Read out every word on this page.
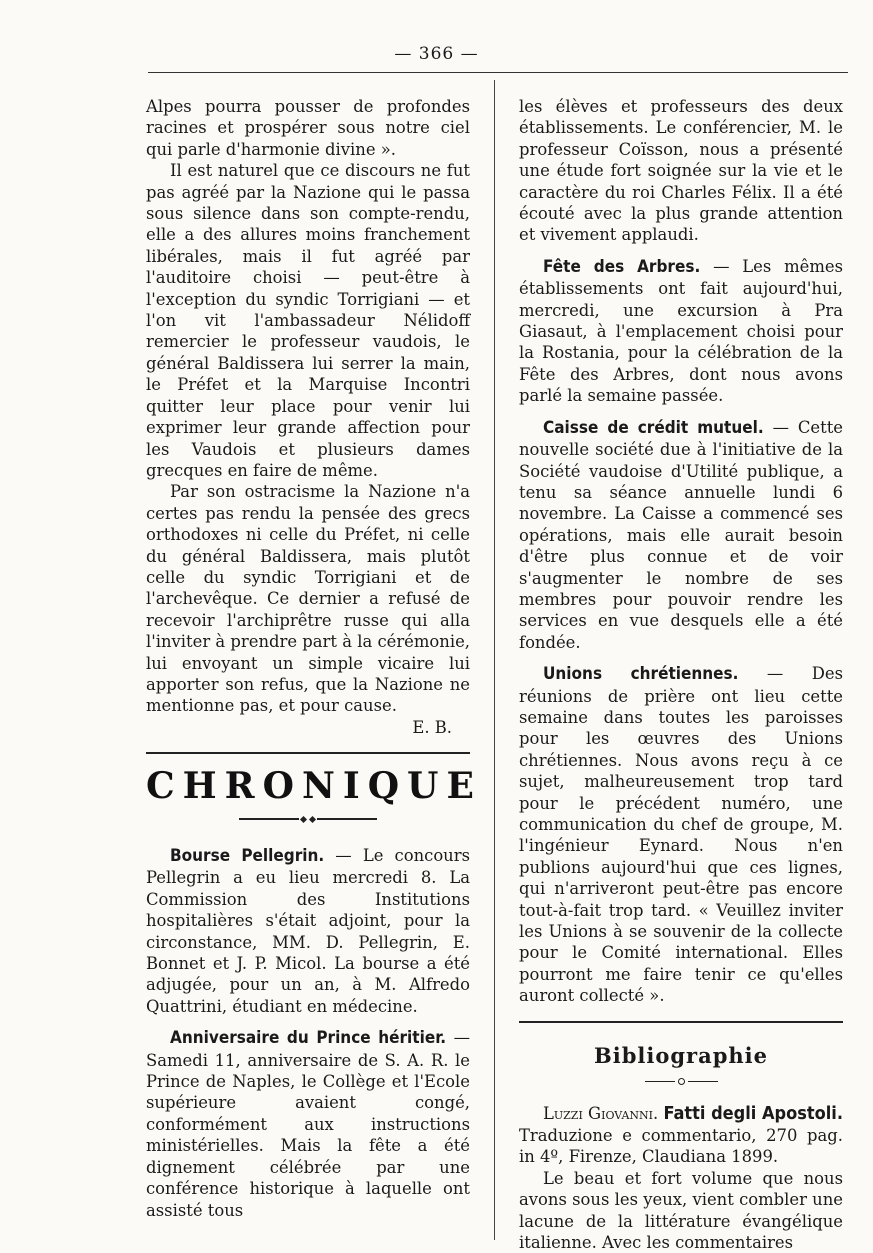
— 366 —

Alpes pourra pousser de profondes racines et prospérer sous notre ciel qui parle d'harmonie divine ».

Il est naturel que ce discours ne fut pas agréé par la Nazione qui le passa sous silence dans son compte-rendu, elle a des allures moins franchement libérales, mais il fut agréé par l'auditoire choisi — peut-être à l'exception du syndic Torrigiani — et l'on vit l'ambassadeur Nélidoff remercier le professeur vaudois, le général Baldissera lui serrer la main, le Préfet et la Marquise Incontri quitter leur place pour venir lui exprimer leur grande affection pour les Vaudois et plusieurs dames grecques en faire de même.

Par son ostracisme la Nazione n'a certes pas rendu la pensée des grecs orthodoxes ni celle du Préfet, ni celle du général Baldissera, mais plutôt celle du syndic Torrigiani et de l'archevêque. Ce dernier a refusé de recevoir l'archiprêtre russe qui alla l'inviter à prendre part à la cérémonie, lui envoyant un simple vicaire lui apporter son refus, que la Nazione ne mentionne pas, et pour cause.

E. B.

CHRONIQUE

Bourse Pellegrin. — Le concours Pellegrin a eu lieu mercredi 8. La Commission des Institutions hospitalières s'était adjoint, pour la circonstance, MM. D. Pellegrin, E. Bonnet et J. P. Micol. La bourse a été adjugée, pour un an, à M. Alfredo Quattrini, étudiant en médecine.

Anniversaire du Prince héritier. — Samedi 11, anniversaire de S. A. R. le Prince de Naples, le Collège et l'Ecole supérieure avaient congé, conformément aux instructions ministérielles. Mais la fête a été dignement célébrée par une conférence historique à laquelle ont assisté tous

les élèves et professeurs des deux établissements. Le conférencier, M. le professeur Coïsson, nous a présenté une étude fort soignée sur la vie et le caractère du roi Charles Félix. Il a été écouté avec la plus grande attention et vivement applaudi.

Fête des Arbres. — Les mêmes établissements ont fait aujourd'hui, mercredi, une excursion à Pra Giasaut, à l'emplacement choisi pour la Rostania, pour la célébration de la Fête des Arbres, dont nous avons parlé la semaine passée.

Caisse de crédit mutuel. — Cette nouvelle société due à l'initiative de la Société vaudoise d'Utilité publique, a tenu sa séance annuelle lundi 6 novembre. La Caisse a commencé ses opérations, mais elle aurait besoin d'être plus connue et de voir s'augmenter le nombre de ses membres pour pouvoir rendre les services en vue desquels elle a été fondée.

Unions chrétiennes. — Des réunions de prière ont lieu cette semaine dans toutes les paroisses pour les œuvres des Unions chrétiennes. Nous avons reçu à ce sujet, malheureusement trop tard pour le précédent numéro, une communication du chef de groupe, M. l'ingénieur Eynard. Nous n'en publions aujourd'hui que ces lignes, qui n'arriveront peut-être pas encore tout-à-fait trop tard. « Veuillez inviter les Unions à se souvenir de la collecte pour le Comité international. Elles pourront me faire tenir ce qu'elles auront collecté ».

Bibliographie

Luzzi Giovanni. Fatti degli Apostoli. Traduzione e commentario, 270 pag. in 4º, Firenze, Claudiana 1899.

Le beau et fort volume que nous avons sous les yeux, vient combler une lacune de la littérature évangélique italienne. Avec les commentaires
